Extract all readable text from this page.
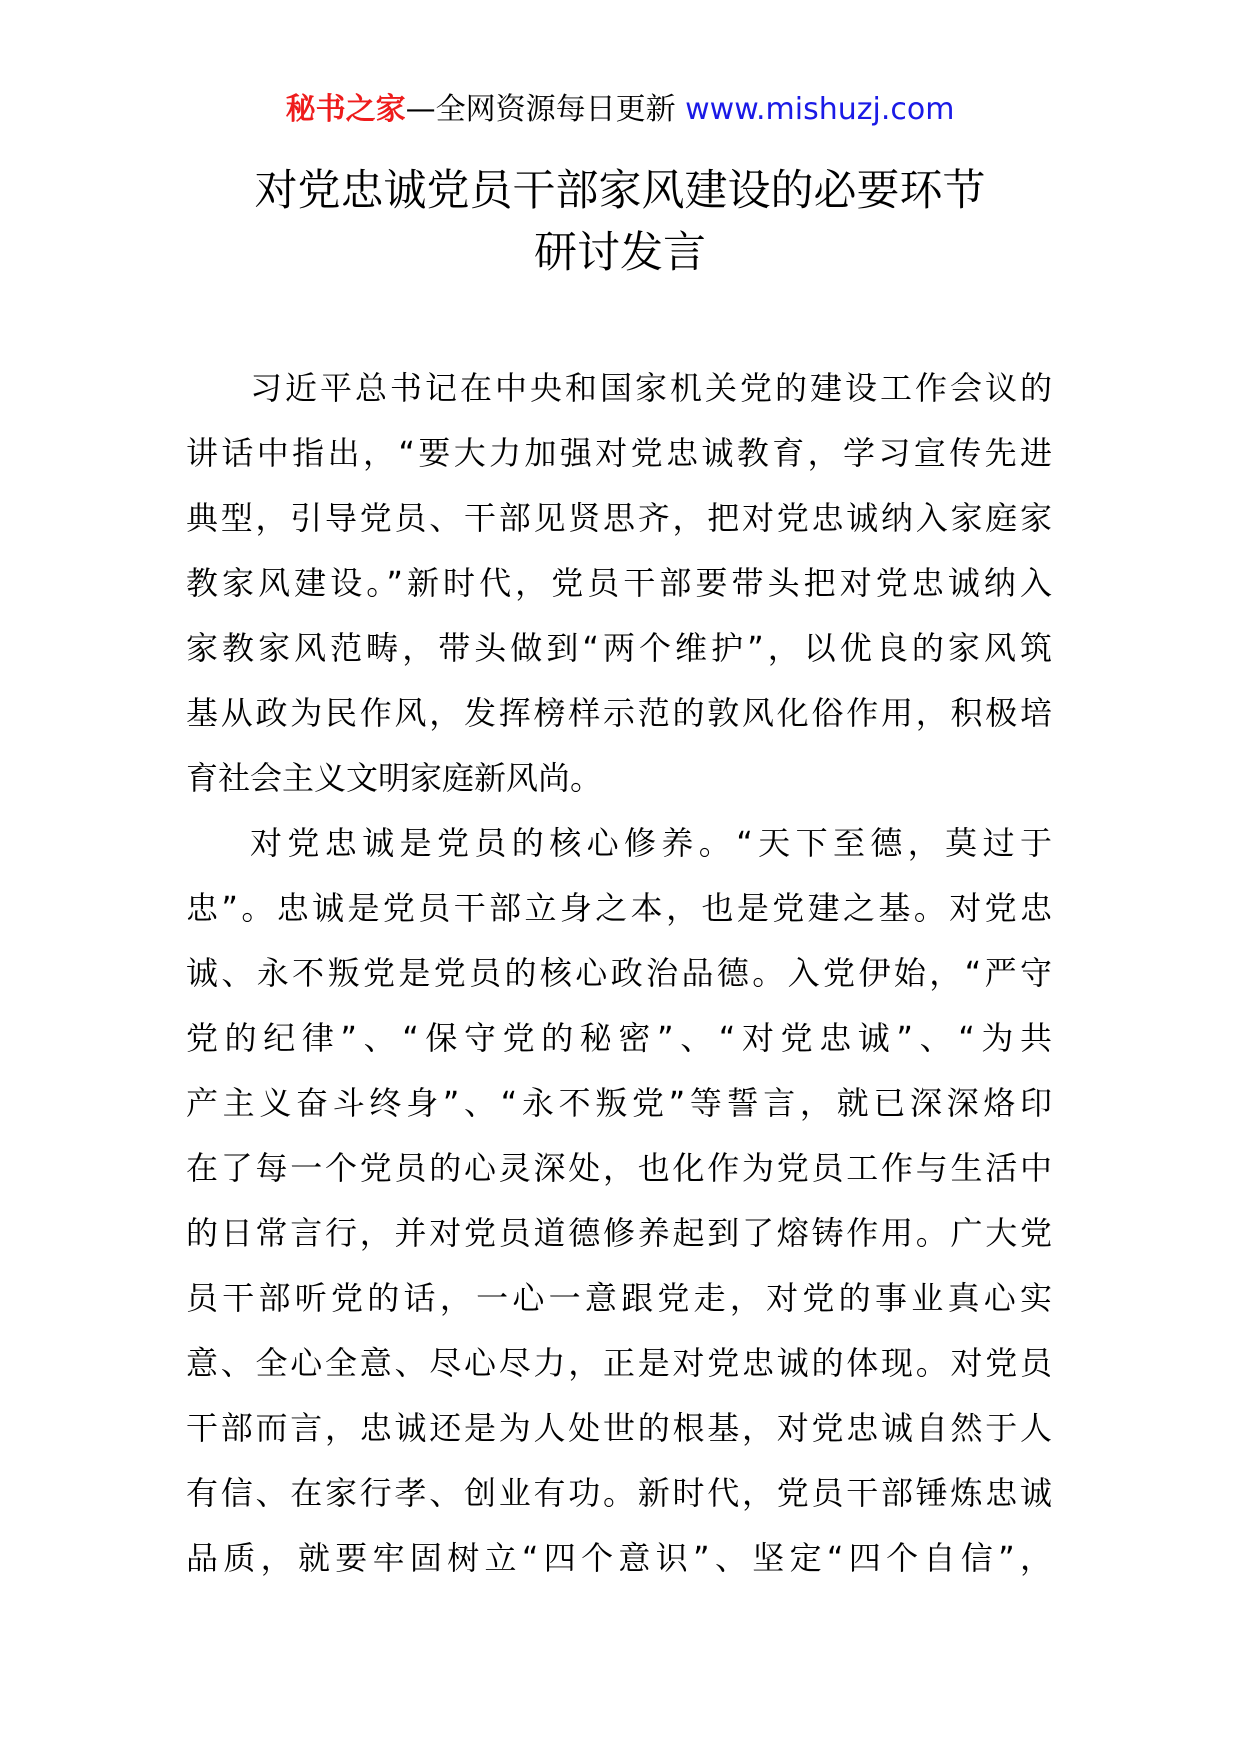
秘书之家—全网资源每日更新 www.mishuzj.com
对党忠诚党员干部家风建设的必要环节
研讨发言
习近平总书记在中央和国家机关党的建设工作会议的
讲话中指出，“要大力加强对党忠诚教育，学习宣传先进
典型，引导党员、干部见贤思齐，把对党忠诚纳入家庭家
教家风建设。”新时代，党员干部要带头把对党忠诚纳入
家教家风范畴，带头做到“两个维护”，以优良的家风筑
基从政为民作风，发挥榜样示范的敦风化俗作用，积极培
育社会主义文明家庭新风尚。
对党忠诚是党员的核心修养。“天下至德，莫过于
忠”。忠诚是党员干部立身之本，也是党建之基。对党忠
诚、永不叛党是党员的核心政治品德。入党伊始，“严守
党的纪律”、“保守党的秘密”、“对党忠诚”、“为共
产主义奋斗终身”、“永不叛党”等誓言，就已深深烙印
在了每一个党员的心灵深处，也化作为党员工作与生活中
的日常言行，并对党员道德修养起到了熔铸作用。广大党
员干部听党的话，一心一意跟党走，对党的事业真心实
意、全心全意、尽心尽力，正是对党忠诚的体现。对党员
干部而言，忠诚还是为人处世的根基，对党忠诚自然于人
有信、在家行孝、创业有功。新时代，党员干部锤炼忠诚
品质，就要牢固树立“四个意识”、坚定“四个自信”，
